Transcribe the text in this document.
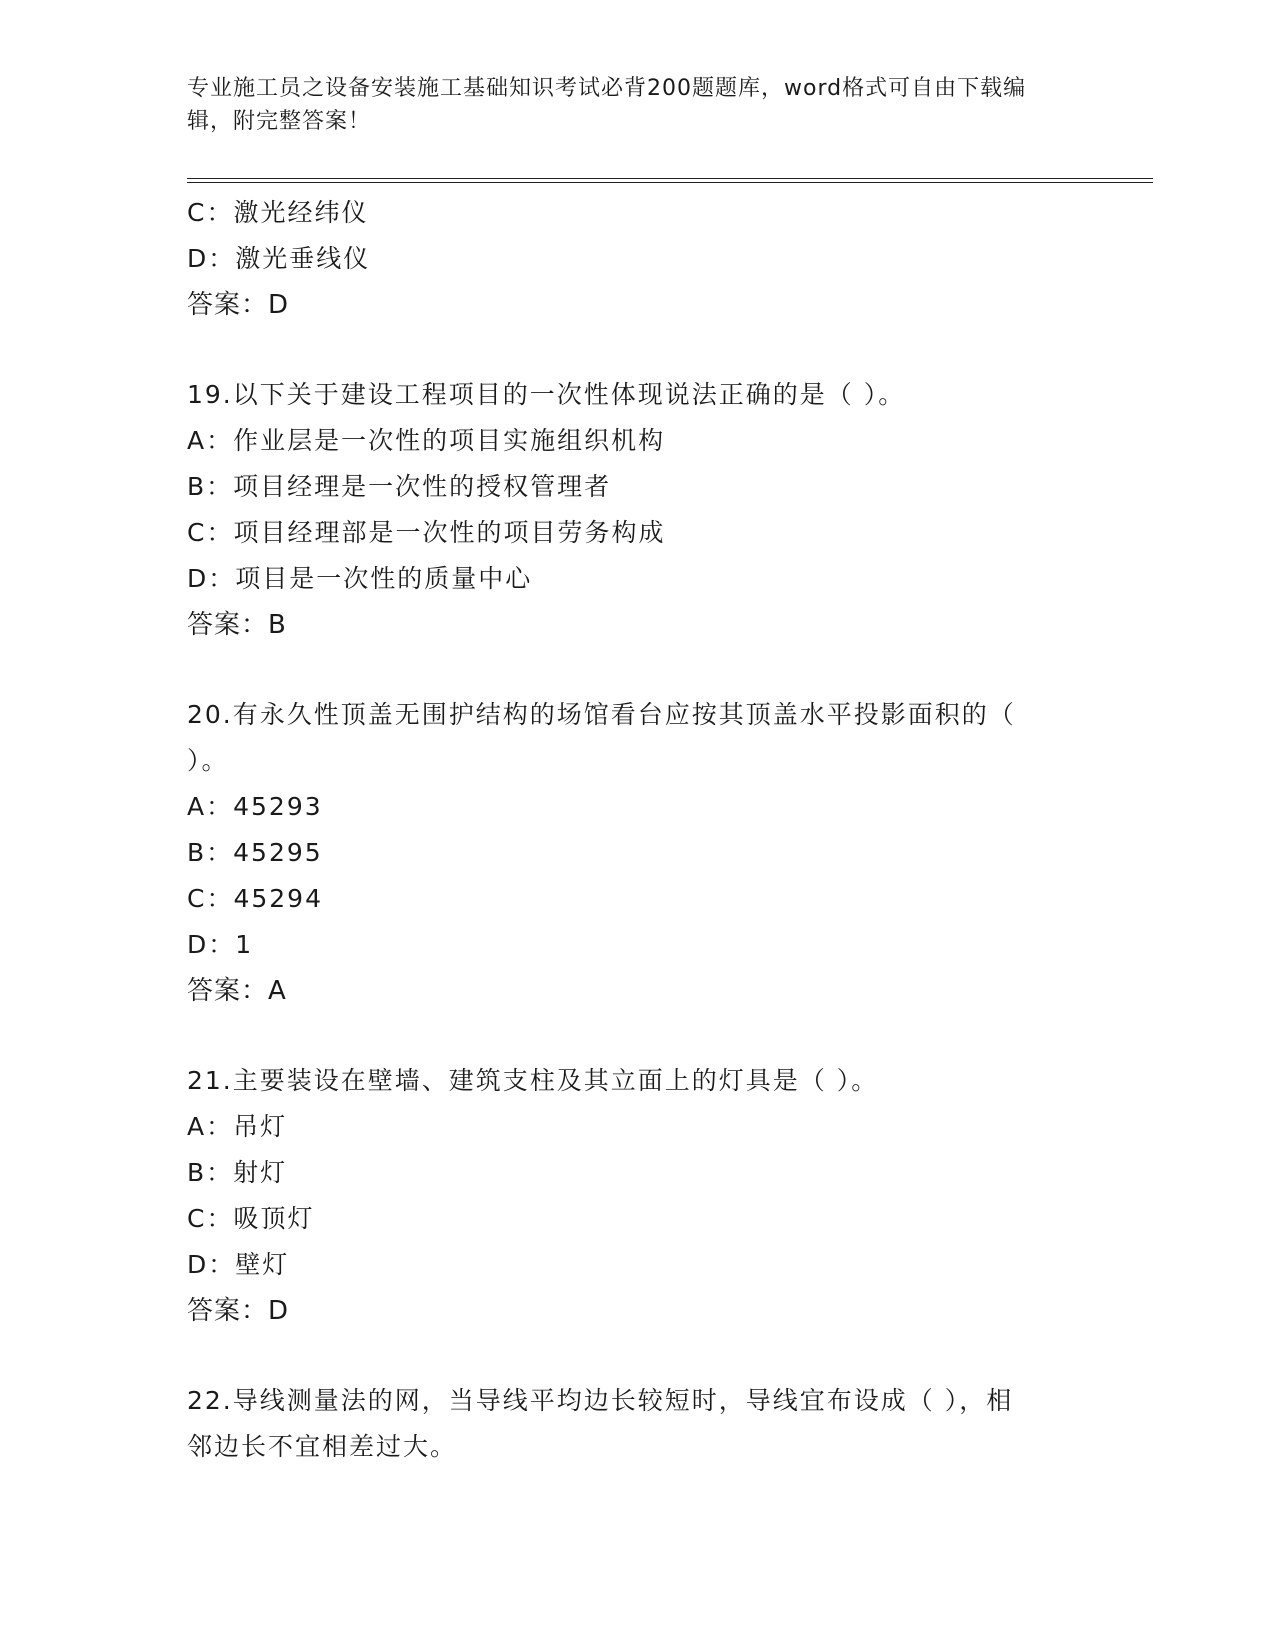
专业施工员之设备安装施工基础知识考试必背200题题库，word格式可自由下载编辑，附完整答案！
C：激光经纬仪
D：激光垂线仪
答案：D
19.以下关于建设工程项目的一次性体现说法正确的是（ ）。
A：作业层是一次性的项目实施组织机构
B：项目经理是一次性的授权管理者
C：项目经理部是一次性的项目劳务构成
D：项目是一次性的质量中心
答案：B
20.有永久性顶盖无围护结构的场馆看台应按其顶盖水平投影面积的（ ）。
A：45293
B：45295
C：45294
D：1
答案：A
21.主要装设在壁墙、建筑支柱及其立面上的灯具是（ ）。
A：吊灯
B：射灯
C：吸顶灯
D：壁灯
答案：D
22.导线测量法的网，当导线平均边长较短时，导线宜布设成（ ），相邻边长不宜相差过大。
